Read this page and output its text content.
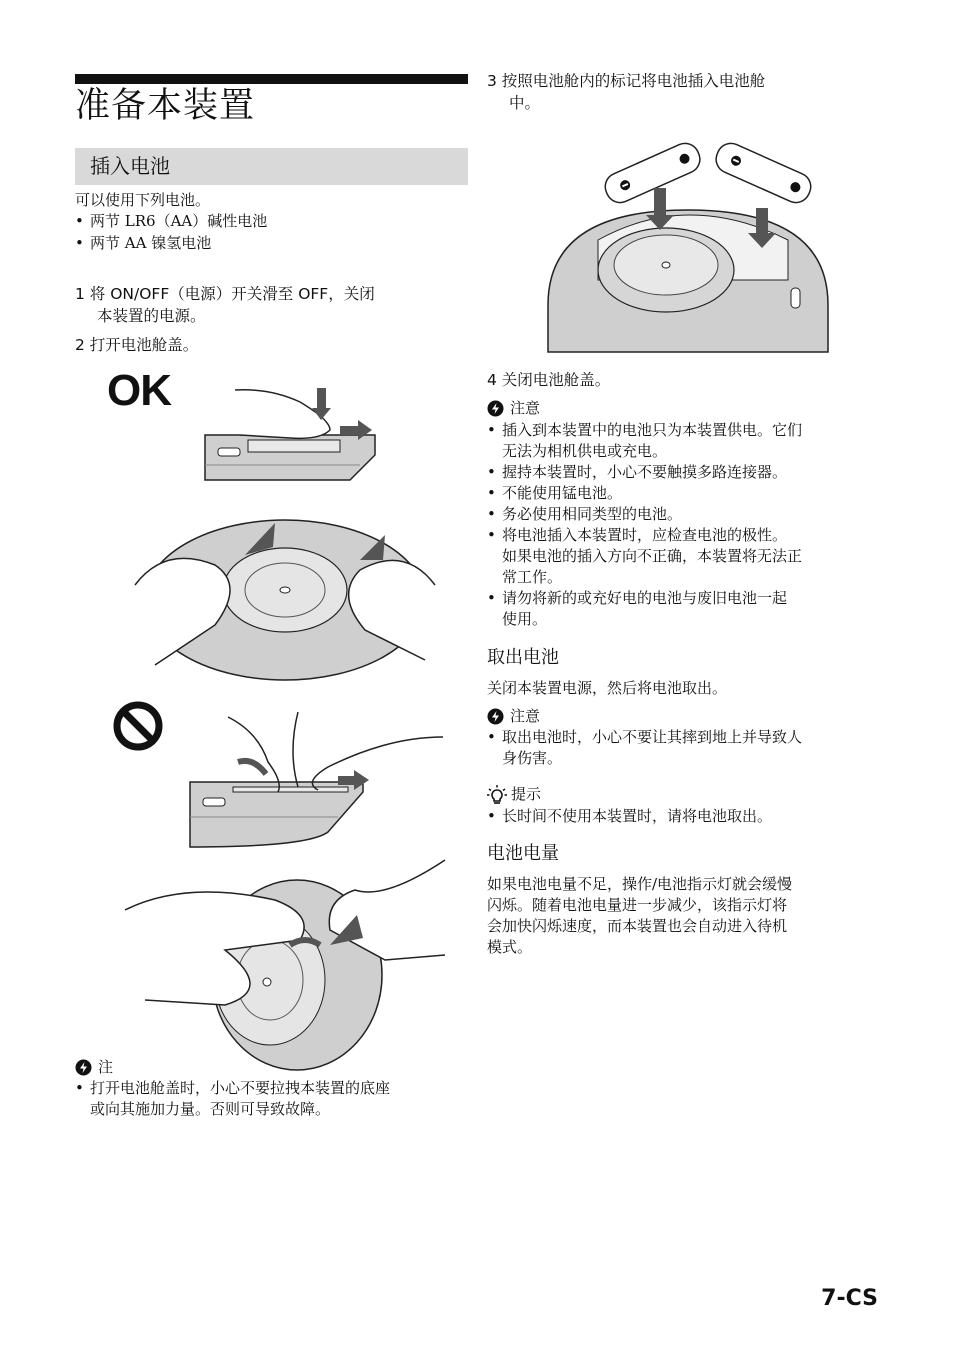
准备本装置
插入电池
可以使用下列电池。
• 两节 LR6（AA）碱性电池
• 两节 AA 镍氢电池
1 将 ON/OFF（电源）开关滑至 OFF，关闭
本装置的电源。
2 打开电池舱盖。
OK
注
• 打开电池舱盖时，小心不要拉拽本装置的底座
或向其施加力量。否则可导致故障。
3 按照电池舱内的标记将电池插入电池舱
中。
4 关闭电池舱盖。
注意
• 插入到本装置中的电池只为本装置供电。它们
无法为相机供电或充电。
• 握持本装置时，小心不要触摸多路连接器。
• 不能使用锰电池。
• 务必使用相同类型的电池。
• 将电池插入本装置时，应检查电池的极性。
如果电池的插入方向不正确，本装置将无法正
常工作。
• 请勿将新的或充好电的电池与废旧电池一起
使用。
取出电池
关闭本装置电源，然后将电池取出。
注意
• 取出电池时，小心不要让其摔到地上并导致人
身伤害。
提示
• 长时间不使用本装置时，请将电池取出。
电池电量
如果电池电量不足，操作/电池指示灯就会缓慢
闪烁。随着电池电量进一步减少，该指示灯将
会加快闪烁速度，而本装置也会自动进入待机
模式。
7-CS
